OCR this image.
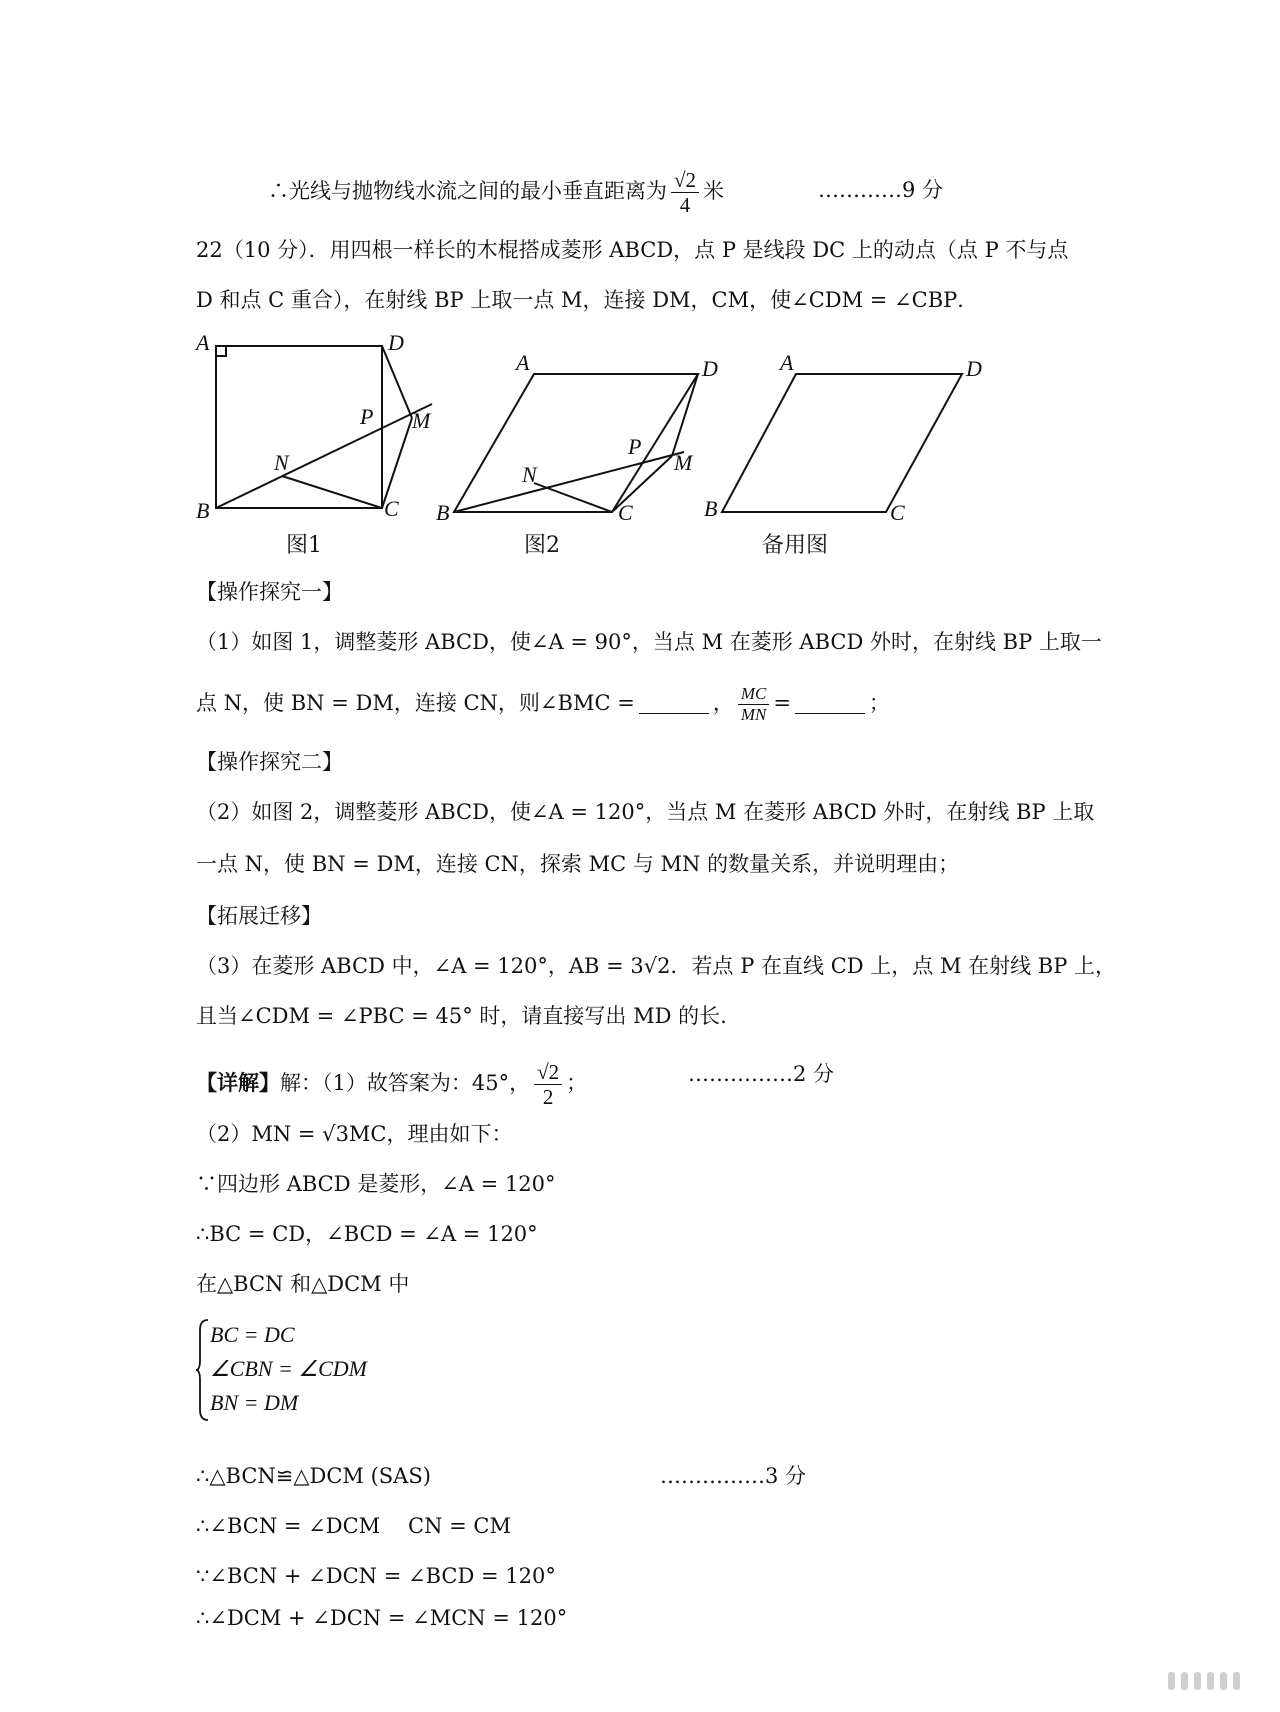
∴光线与抛物线水流之间的最小垂直距离为 $\frac{√2}{4}$ 米	…………9 分
22（10 分）．用四根一样长的木棍搭成菱形 ABCD，点 P 是线段 DC 上的动点（点 P 不与点
D 和点 C 重合），在射线 BP 上取一点 M，连接 DM，CM，使∠CDM = ∠CBP．
A	D
B	C
P M
N
图1
A	D
B	C
P
M
N
图2
A	D
B	C
备用图
【操作探究一】
（1）如图 1，调整菱形 ABCD，使∠A = 90°，当点 M 在菱形 ABCD 外时，在射线 BP 上取一
点 N，使 BN = DM，连接 CN，则∠BMC =	， $\frac{MC}{MN}$ =	；
【操作探究二】
（2）如图 2，调整菱形 ABCD，使∠A = 120°，当点 M 在菱形 ABCD 外时，在射线 BP 上取
一点 N，使 BN = DM，连接 CN，探索 MC 与 MN 的数量关系，并说明理由；
【拓展迁移】
（3）在菱形 ABCD 中，∠A = 120°，AB = 3√2．若点 P 在直线 CD 上，点 M 在射线 BP 上，
且当∠CDM = ∠PBC = 45° 时，请直接写出 MD 的长.
【详解】解：（1）故答案为：45°， $\frac{√2}{2}$ ；	……………2 分
（2）MN = √3MC，理由如下：
∵四边形 ABCD 是菱形，∠A = 120°
∴BC = CD，∠BCD = ∠A = 120°
在△BCN 和△DCM 中
BC = DC
∠CBN = ∠CDM
BN = DM
∴△BCN≌△DCM (SAS)	……………3 分
∴∠BCN = ∠DCM CN = CM
∵∠BCN + ∠DCN = ∠BCD = 120°
∴∠DCM + ∠DCN = ∠MCN = 120°
